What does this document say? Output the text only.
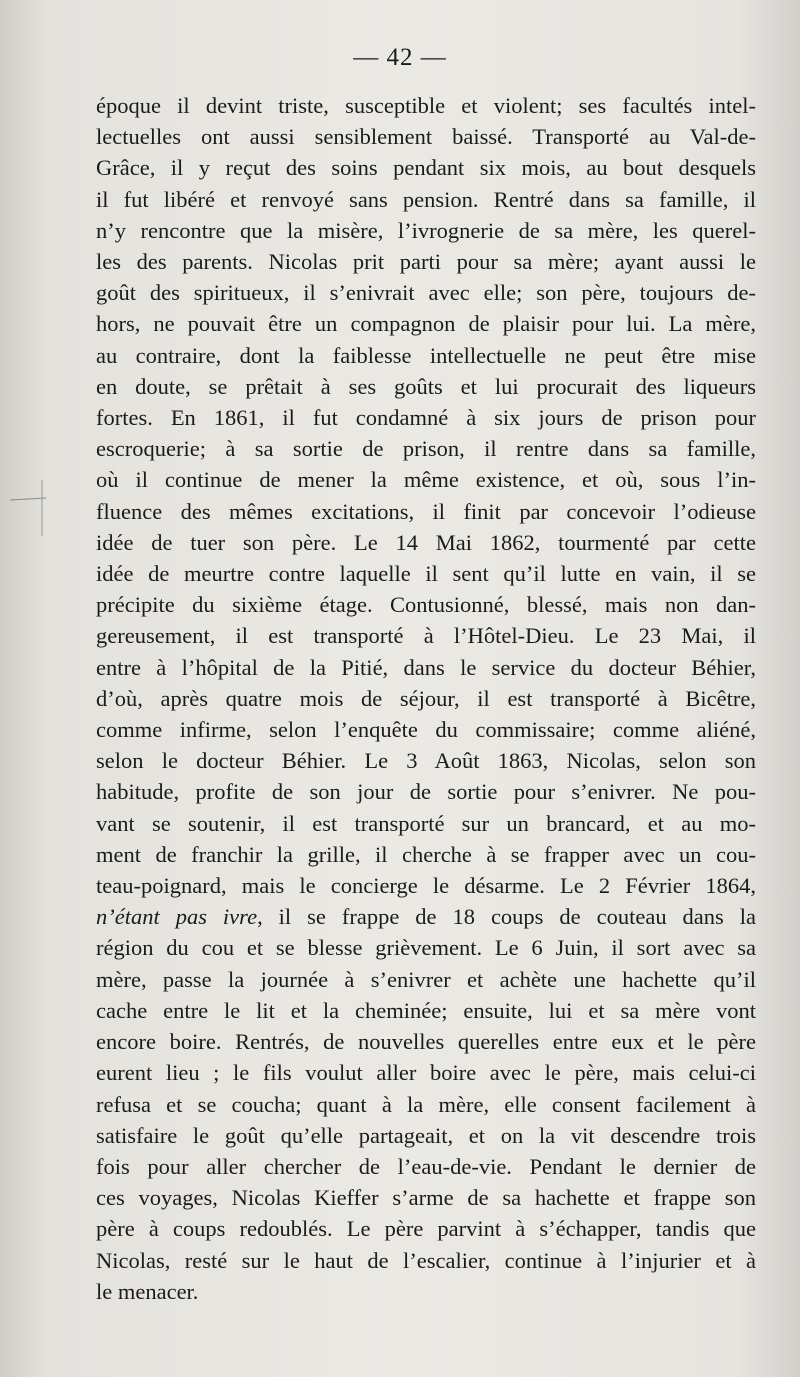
— 42 —
époque il devint triste, susceptible et violent; ses facultés intel-
lectuelles ont aussi sensiblement baissé. Transporté au Val-de-
Grâce, il y reçut des soins pendant six mois, au bout desquels
il fut libéré et renvoyé sans pension. Rentré dans sa famille, il
n’y rencontre que la misère, l’ivrognerie de sa mère, les querel-
les des parents. Nicolas prit parti pour sa mère; ayant aussi le
goût des spiritueux, il s’enivrait avec elle; son père, toujours de-
hors, ne pouvait être un compagnon de plaisir pour lui. La mère,
au contraire, dont la faiblesse intellectuelle ne peut être mise
en doute, se prêtait à ses goûts et lui procurait des liqueurs
fortes. En 1861, il fut condamné à six jours de prison pour
escroquerie; à sa sortie de prison, il rentre dans sa famille,
où il continue de mener la même existence, et où, sous l’in-
fluence des mêmes excitations, il finit par concevoir l’odieuse
idée de tuer son père. Le 14 Mai 1862, tourmenté par cette
idée de meurtre contre laquelle il sent qu’il lutte en vain, il se
précipite du sixième étage. Contusionné, blessé, mais non dan-
gereusement, il est transporté à l’Hôtel-Dieu. Le 23 Mai, il
entre à l’hôpital de la Pitié, dans le service du docteur Béhier,
d’où, après quatre mois de séjour, il est transporté à Bicêtre,
comme infirme, selon l’enquête du commissaire; comme aliéné,
selon le docteur Béhier. Le 3 Août 1863, Nicolas, selon son
habitude, profite de son jour de sortie pour s’enivrer. Ne pou-
vant se soutenir, il est transporté sur un brancard, et au mo-
ment de franchir la grille, il cherche à se frapper avec un cou-
teau-poignard, mais le concierge le désarme. Le 2 Février 1864,
n’étant pas ivre, il se frappe de 18 coups de couteau dans la
région du cou et se blesse grièvement. Le 6 Juin, il sort avec sa
mère, passe la journée à s’enivrer et achète une hachette qu’il
cache entre le lit et la cheminée; ensuite, lui et sa mère vont
encore boire. Rentrés, de nouvelles querelles entre eux et le père
eurent lieu ; le fils voulut aller boire avec le père, mais celui-ci
refusa et se coucha; quant à la mère, elle consent facilement à
satisfaire le goût qu’elle partageait, et on la vit descendre trois
fois pour aller chercher de l’eau-de-vie. Pendant le dernier de
ces voyages, Nicolas Kieffer s’arme de sa hachette et frappe son
père à coups redoublés. Le père parvint à s’échapper, tandis que
Nicolas, resté sur le haut de l’escalier, continue à l’injurier et à
le menacer.
